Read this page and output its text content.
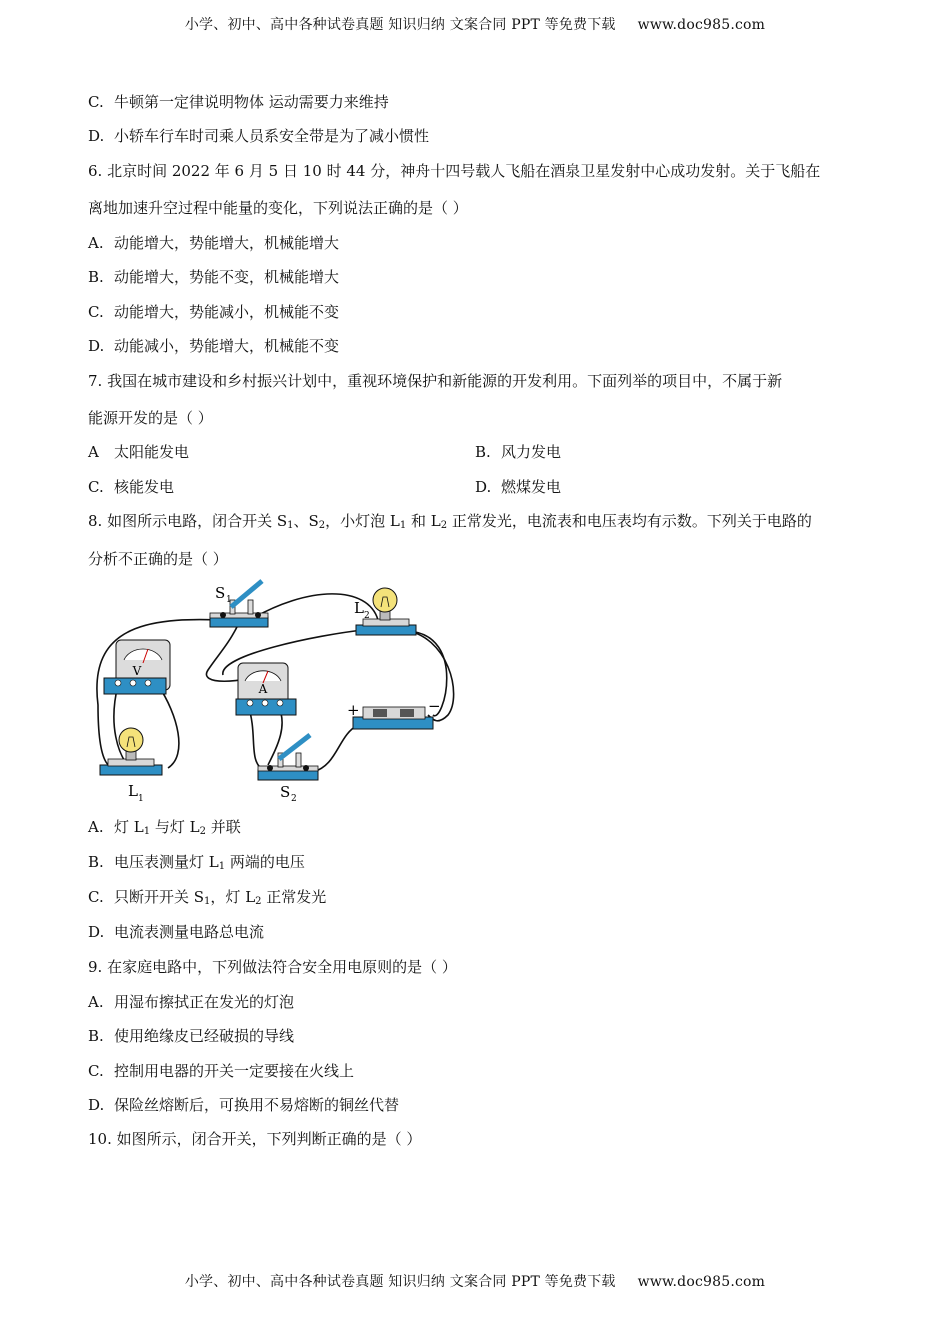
小学、初中、高中各种试卷真题 知识归纳 文案合同 PPT 等免费下载 www.doc985.com
C. 牛顿第一定律说明物体 运动需要力来维持
D. 小轿车行车时司乘人员系安全带是为了减小惯性
6. 北京时间 2022 年 6 月 5 日 10 时 44 分，神舟十四号载人飞船在酒泉卫星发射中心成功发射。关于飞船在
离地加速升空过程中能量的变化，下列说法正确的是（ ）
A. 动能增大，势能增大，机械能增大
B. 动能增大，势能不变，机械能增大
C. 动能增大，势能减小，机械能不变
D. 动能减小，势能增大，机械能不变
7. 我国在城市建设和乡村振兴计划中，重视环境保护和新能源的开发利用。下面列举的项目中，不属于新
能源开发的是（ ）
A 太阳能发电	B. 风力发电
C. 核能发电	D. 燃煤发电
8. 如图所示电路，闭合开关 $S_1$、$S_2$，小灯泡 $L_1$ 和 $L_2$ 正常发光，电流表和电压表均有示数。下列关于电路的
分析不正确的是（ ）
S 1	L 2
V
A
+	−
L 1	S 2
A. 灯 $L_1$ 与灯 $L_2$ 并联
B. 电压表测量灯 $L_1$ 两端的电压
C. 只断开开关 $S_1$，灯 $L_2$ 正常发光
D. 电流表测量电路总电流
9. 在家庭电路中，下列做法符合安全用电原则的是（ ）
A. 用湿布擦拭正在发光的灯泡
B. 使用绝缘皮已经破损的导线
C. 控制用电器的开关一定要接在火线上
D. 保险丝熔断后，可换用不易熔断的铜丝代替
10. 如图所示，闭合开关，下列判断正确的是（ ）
小学、初中、高中各种试卷真题 知识归纳 文案合同 PPT 等免费下载 www.doc985.com
